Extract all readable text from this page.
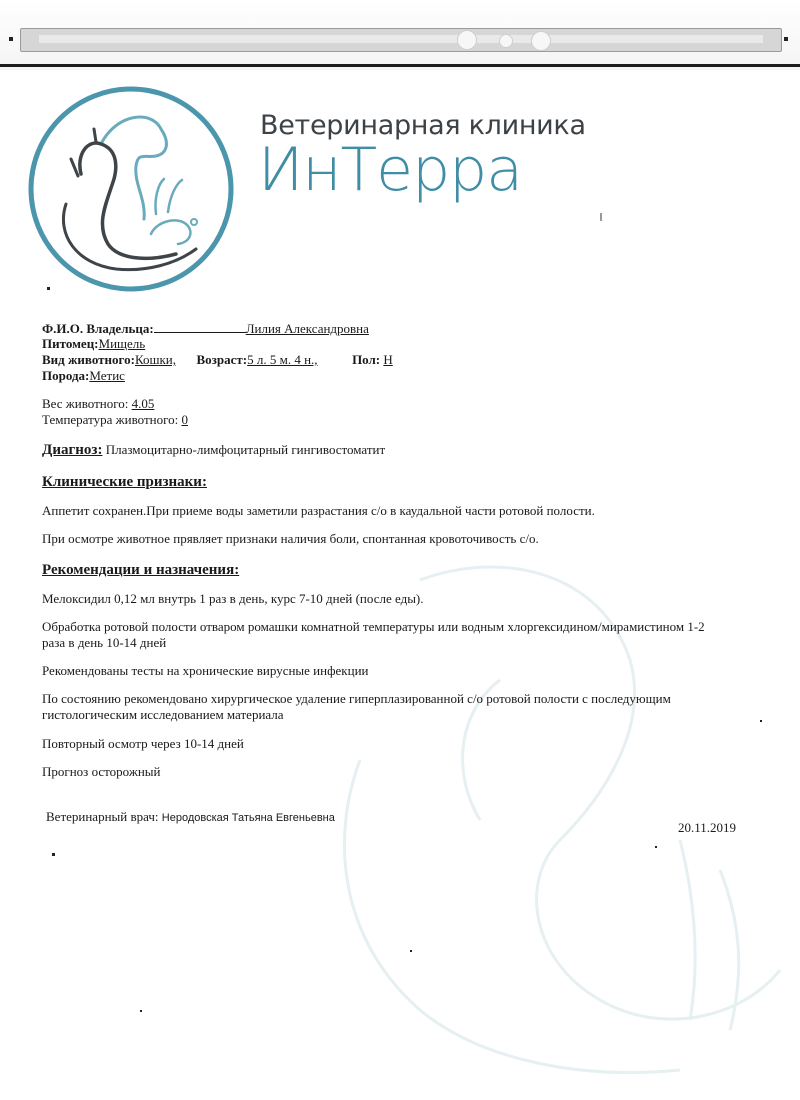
Ветеринарная клиника
ИнТерра
Ф.И.О. Владельца:	Лилия Александровна
Питомец:Мищель
Вид животного:Кошки, Возраст:5 л. 5 м. 4 н.,	Пол: Н
Порода:Метис
Вес животного: 4.05
Температура животного: 0
Диагноз: Плазмоцитарно-лимфоцитарный гингивостоматит
Клинические признаки:
Аппетит сохранен.При приеме воды заметили разрастания с/о в каудальной части ротовой полости.
При осмотре животное прявляет признаки наличия боли, спонтанная кровоточивость с/о.
Рекомендации и назначения:
Мелоксидил 0,12 мл внутрь 1 раз в день, курс 7-10 дней (после еды).
Обработка ротовой полости отваром ромашки комнатной температуры или водным хлоргексидином/мирамистином 1-2 раза в день 10-14 дней
Рекомендованы тесты на хронические вирусные инфекции
По состоянию рекомендовано хирургическое удаление гиперплазированной с/о ротовой полости с последующим гистологическим исследованием материала
Повторный осмотр через 10-14 дней
Прогноз осторожный
Ветеринарный врач: Неродовская Татьяна Евгеньевна
20.11.2019
